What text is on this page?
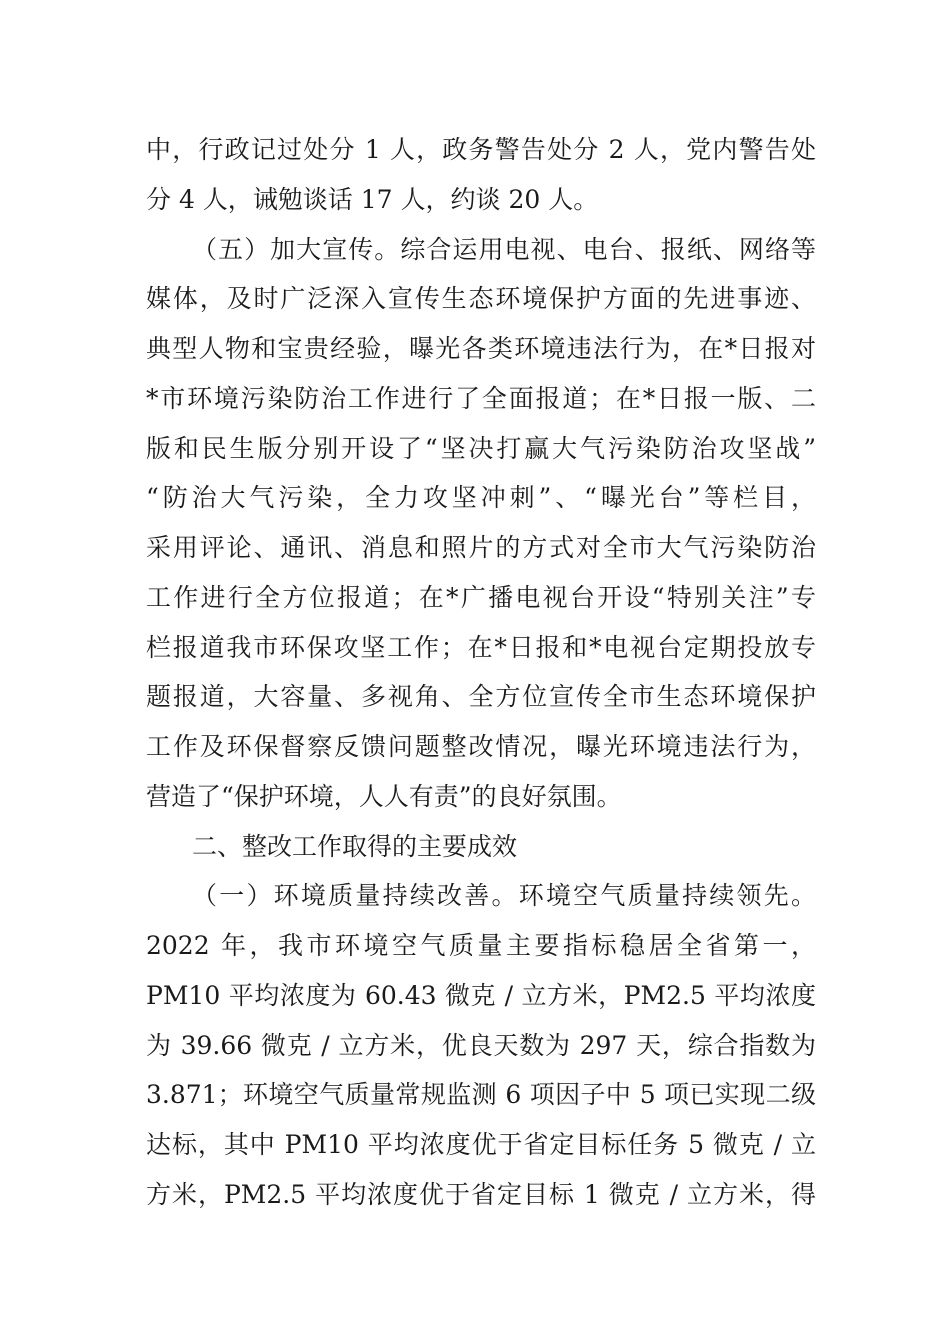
中，行政记过处分 1 人，政务警告处分 2 人，党内警告处
分 4 人，诫勉谈话 17 人，约谈 20 人。
（五）加大宣传。综合运用电视、电台、报纸、网络等
媒体，及时广泛深入宣传生态环境保护方面的先进事迹、
典型人物和宝贵经验，曝光各类环境违法行为，在*日报对
*市环境污染防治工作进行了全面报道；在*日报一版、二
版和民生版分别开设了“坚决打赢大气污染防治攻坚战”
“防治大气污染，全力攻坚冲刺”、“曝光台”等栏目，
采用评论、通讯、消息和照片的方式对全市大气污染防治
工作进行全方位报道；在*广播电视台开设“特别关注”专
栏报道我市环保攻坚工作；在*日报和*电视台定期投放专
题报道，大容量、多视角、全方位宣传全市生态环境保护
工作及环保督察反馈问题整改情况，曝光环境违法行为，
营造了“保护环境，人人有责”的良好氛围。
二、整改工作取得的主要成效
（一）环境质量持续改善。环境空气质量持续领先。
2022 年，我市环境空气质量主要指标稳居全省第一，
PM10 平均浓度为 60.43 微克 / 立方米，PM2.5 平均浓度
为 39.66 微克 / 立方米，优良天数为 297 天，综合指数为
3.871；环境空气质量常规监测 6 项因子中 5 项已实现二级
达标，其中 PM10 平均浓度优于省定目标任务 5 微克 / 立
方米，PM2.5 平均浓度优于省定目标 1 微克 / 立方米，得
